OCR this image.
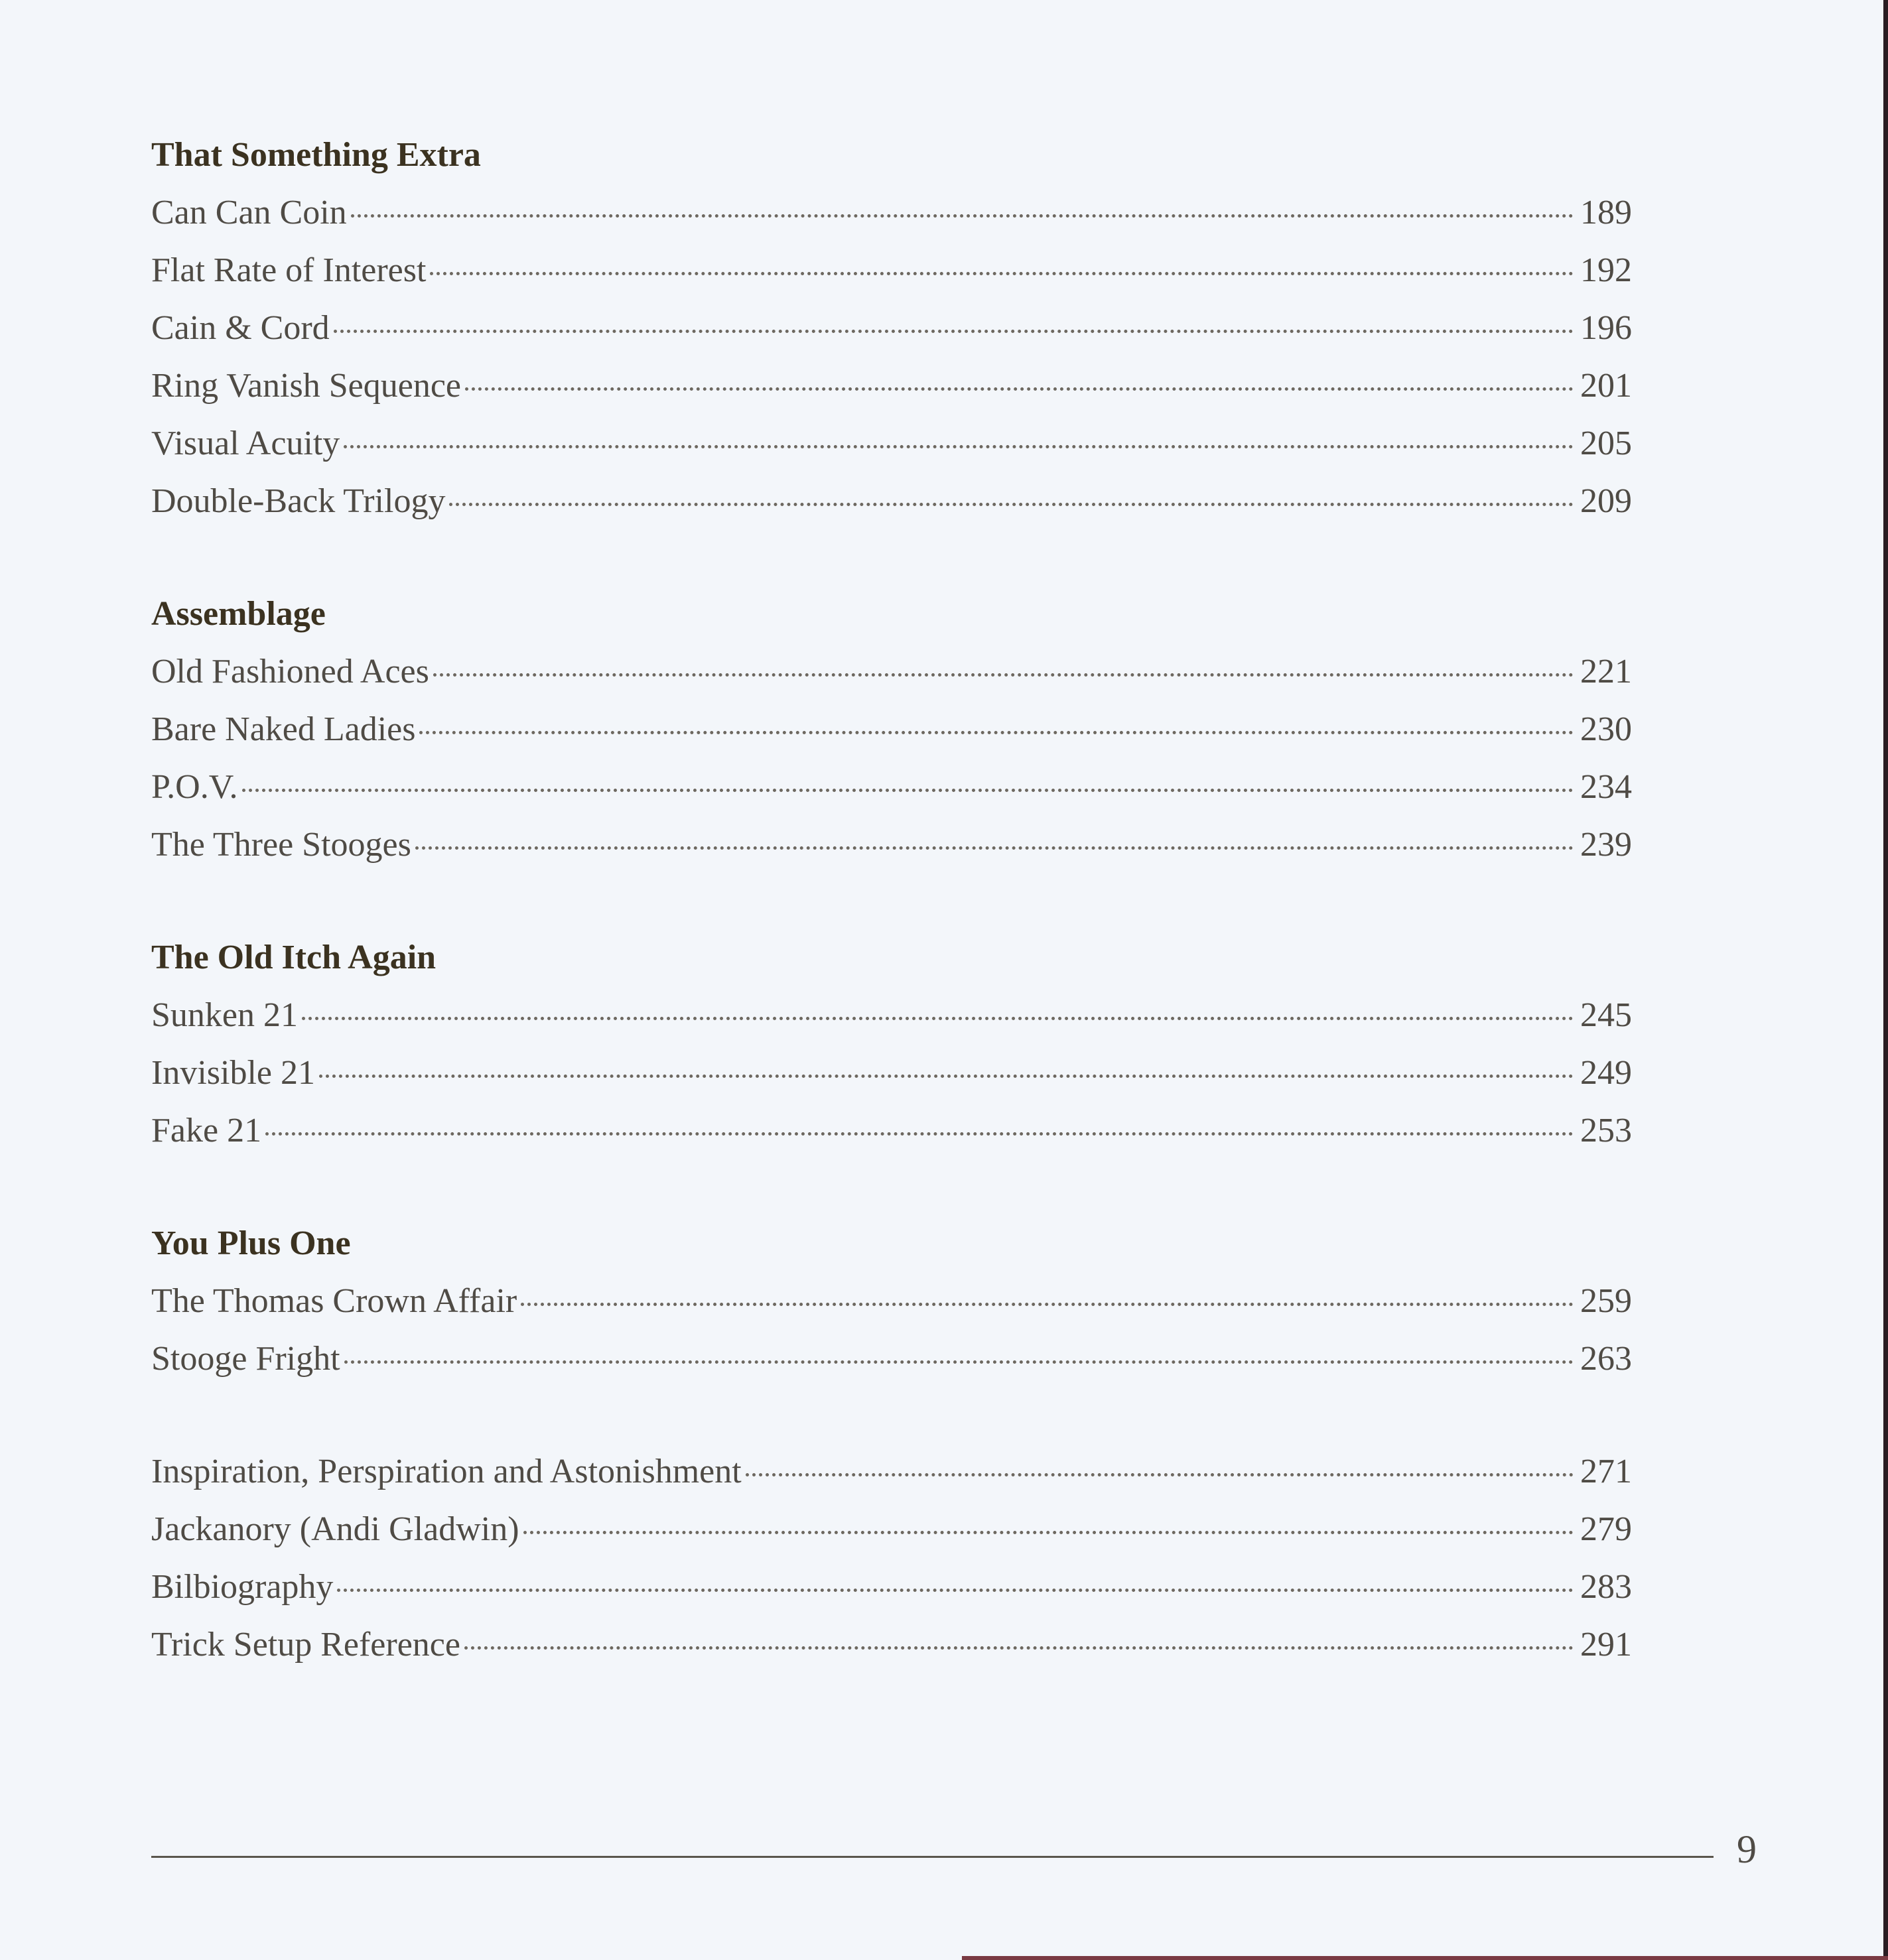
That Something Extra
Can Can Coin	189
Flat Rate of Interest	192
Cain & Cord	196
Ring Vanish Sequence	201
Visual Acuity	205
Double-Back Trilogy	209
Assemblage
Old Fashioned Aces	221
Bare Naked Ladies	230
P.O.V.	234
The Three Stooges	239
The Old Itch Again
Sunken 21	245
Invisible 21	249
Fake 21	253
You Plus One
The Thomas Crown Affair	259
Stooge Fright	263
Inspiration, Perspiration and Astonishment	271
Jackanory (Andi Gladwin)	279
Bilbiography	283
Trick Setup Reference	291
9
